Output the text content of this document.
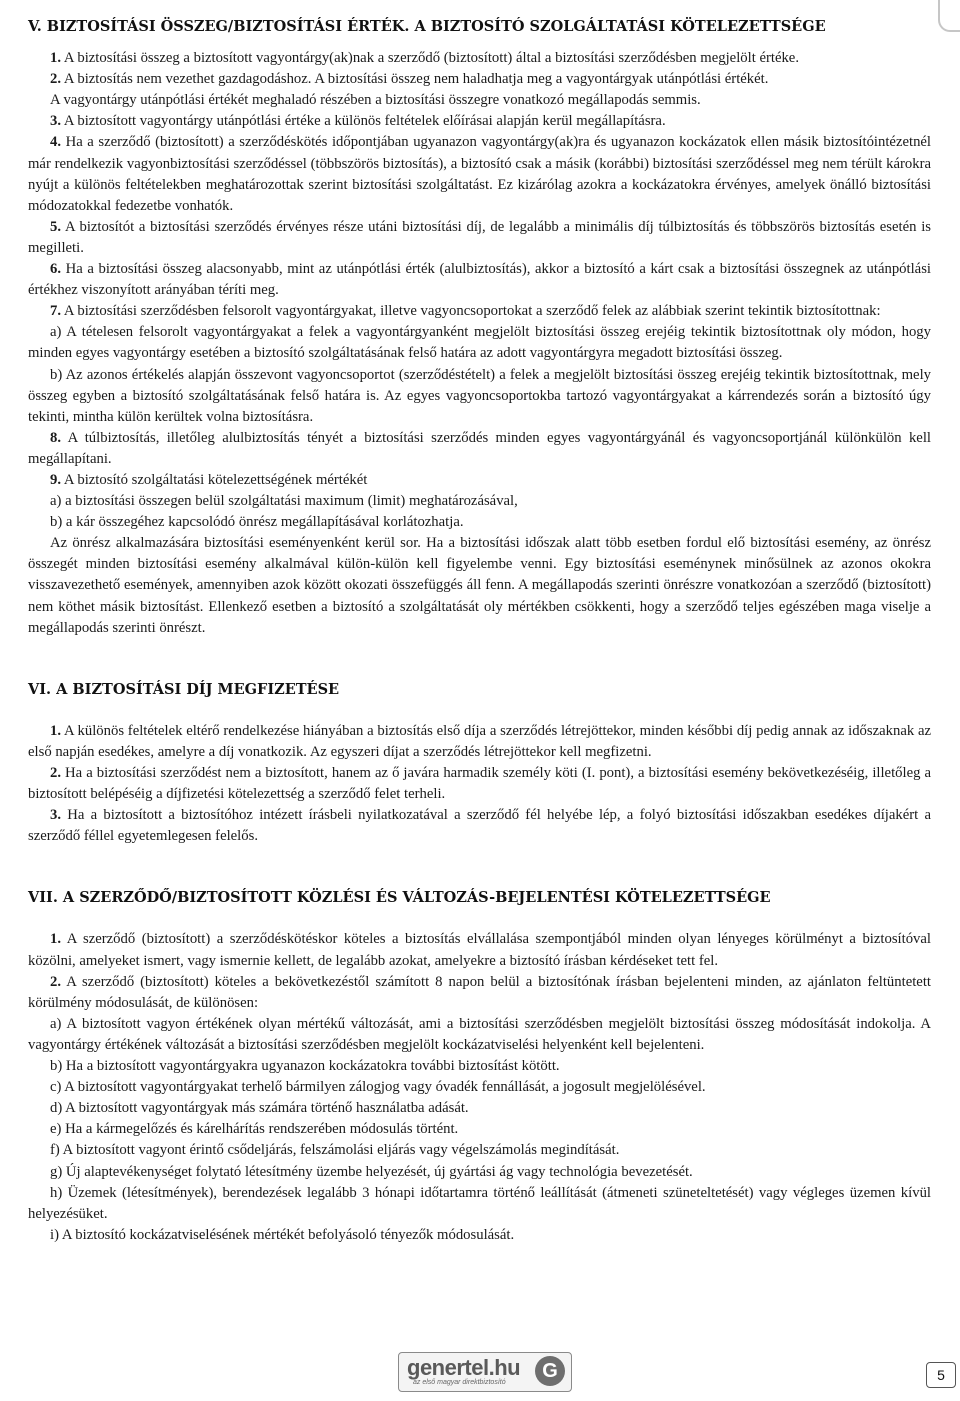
V. BIZTOSÍTÁSI ÖSSZEG/BIZTOSÍTÁSI ÉRTÉK. A BIZTOSÍTÓ SZOLGÁLTATÁSI KÖTELEZETTSÉGE

1. A biztosítási összeg a biztosított vagyontárgy(ak)nak a szerződő (biztosított) által a biztosítási szerződésben megjelölt értéke.

2. A biztosítás nem vezethet gazdagodáshoz. A biztosítási összeg nem haladhatja meg a vagyontárgyak utánpótlási értékét.

A vagyontárgy utánpótlási értékét meghaladó részében a biztosítási összegre vonatkozó megállapodás semmis.

3. A biztosított vagyontárgy utánpótlási értéke a különös feltételek előírásai alapján kerül megállapításra.

4. Ha a szerződő (biztosított) a szerződéskötés időpontjában ugyanazon vagyontárgy(ak)ra és ugyanazon kockázatok ellen másik biztosítóintézetnél már rendelkezik vagyonbiztosítási szerződéssel (többszörös biztosítás), a biztosító csak a másik (korábbi) biztosítási szerződéssel meg nem térült károkra nyújt a különös feltételekben meghatározottak szerint biztosítási szolgáltatást. Ez kizárólag azokra a kockázatokra érvényes, amelyek önálló biztosítási módozatokkal fedezetbe vonhatók.

5. A biztosítót a biztosítási szerződés érvényes része utáni biztosítási díj, de legalább a minimális díj túlbiztosítás és többszörös biztosítás esetén is megilleti.

6. Ha a biztosítási összeg alacsonyabb, mint az utánpótlási érték (alulbiztosítás), akkor a biztosító a kárt csak a biztosítási összegnek az utánpótlási értékhez viszonyított arányában téríti meg.

7. A biztosítási szerződésben felsorolt vagyontárgyakat, illetve vagyoncsoportokat a szerződő felek az alábbiak szerint tekintik biztosítottnak:

a) A tételesen felsorolt vagyontárgyakat a felek a vagyontárgyanként megjelölt biztosítási összeg erejéig tekintik biztosítottnak oly módon, hogy minden egyes vagyontárgy esetében a biztosító szolgáltatásának felső határa az adott vagyontárgyra megadott biztosítási összeg.

b) Az azonos értékelés alapján összevont vagyoncsoportot (szerződéstételt) a felek a megjelölt biztosítási összeg erejéig tekintik biztosítottnak, mely összeg egyben a biztosító szolgáltatásának felső határa is. Az egyes vagyoncsoportokba tartozó vagyontárgyakat a kárrendezés során a biztosító úgy tekinti, mintha külön kerültek volna biztosításra.

8. A túlbiztosítás, illetőleg alulbiztosítás tényét a biztosítási szerződés minden egyes vagyontárgyánál és vagyoncsoportjánál különkülön kell megállapítani.

9. A biztosító szolgáltatási kötelezettségének mértékét

a) a biztosítási összegen belül szolgáltatási maximum (limit) meghatározásával,

b) a kár összegéhez kapcsolódó önrész megállapításával korlátozhatja.

Az önrész alkalmazására biztosítási eseményenként kerül sor. Ha a biztosítási időszak alatt több esetben fordul elő biztosítási esemény, az önrész összegét minden biztosítási esemény alkalmával külön-külön kell figyelembe venni. Egy biztosítási eseménynek minősülnek az azonos okokra visszavezethető események, amennyiben azok között okozati összefüggés áll fenn. A megállapodás szerinti önrészre vonatkozóan a szerződő (biztosított) nem köthet másik biztosítást. Ellenkező esetben a biztosító a szolgáltatását oly mértékben csökkenti, hogy a szerződő teljes egészében maga viselje a megállapodás szerinti önrészt.

VI. A BIZTOSÍTÁSI DÍJ MEGFIZETÉSE

1. A különös feltételek eltérő rendelkezése hiányában a biztosítás első díja a szerződés létrejöttekor, minden későbbi díj pedig annak az időszaknak az első napján esedékes, amelyre a díj vonatkozik. Az egyszeri díjat a szerződés létrejöttekor kell megfizetni.

2. Ha a biztosítási szerződést nem a biztosított, hanem az ő javára harmadik személy köti (I. pont), a biztosítási esemény bekövetkezéséig, illetőleg a biztosított belépéséig a díjfizetési kötelezettség a szerződő felet terheli.

3. Ha a biztosított a biztosítóhoz intézett írásbeli nyilatkozatával a szerződő fél helyébe lép, a folyó biztosítási időszakban esedékes díjakért a szerződő féllel egyetemlegesen felelős.

VII. A SZERZŐDŐ/BIZTOSÍTOTT KÖZLÉSI ÉS VÁLTOZÁS-BEJELENTÉSI KÖTELEZETTSÉGE

1. A szerződő (biztosított) a szerződéskötéskor köteles a biztosítás elvállalása szempontjából minden olyan lényeges körülményt a biztosítóval közölni, amelyeket ismert, vagy ismernie kellett, de legalább azokat, amelyekre a biztosító írásban kérdéseket tett fel.

2. A szerződő (biztosított) köteles a bekövetkezéstől számított 8 napon belül a biztosítónak írásban bejelenteni minden, az ajánlaton feltüntetett körülmény módosulását, de különösen:

a) A biztosított vagyon értékének olyan mértékű változását, ami a biztosítási szerződésben megjelölt biztosítási összeg módosítását indokolja. A vagyontárgy értékének változását a biztosítási szerződésben megjelölt kockázatviselési helyenként kell bejelenteni.

b) Ha a biztosított vagyontárgyakra ugyanazon kockázatokra további biztosítást kötött.

c) A biztosított vagyontárgyakat terhelő bármilyen zálogjog vagy óvadék fennállását, a jogosult megjelölésével.

d) A biztosított vagyontárgyak más számára történő használatba adását.

e) Ha a kármegelőzés és kárelhárítás rendszerében módosulás történt.

f) A biztosított vagyont érintő csődeljárás, felszámolási eljárás vagy végelszámolás megindítását.

g) Új alaptevékenységet folytató létesítmény üzembe helyezését, új gyártási ág vagy technológia bevezetését.

h) Üzemek (létesítmények), berendezések legalább 3 hónapi időtartamra történő leállítását (átmeneti szüneteltetését) vagy végleges üzemen kívül helyezésüket.

i) A biztosító kockázatviselésének mértékét befolyásoló tényezők módosulását.

genertel.hu
az első magyar direktbiztosító
G	5
